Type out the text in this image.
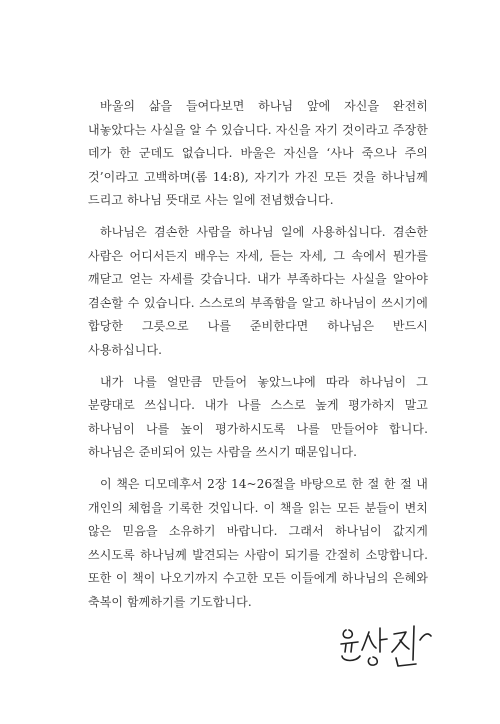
바울의 삶을 들여다보면 하나님 앞에 자신을 완전히 내놓았다는 사실을 알 수 있습니다. 자신을 자기 것이라고 주장한 데가 한 군데도 없습니다. 바울은 자신을 ‘사나 죽으나 주의 것’이라고 고백하며(롬 14:8), 자기가 가진 모든 것을 하나님께 드리고 하나님 뜻대로 사는 일에 전념했습니다.

하나님은 겸손한 사람을 하나님 일에 사용하십니다. 겸손한 사람은 어디서든지 배우는 자세, 듣는 자세, 그 속에서 뭔가를 깨닫고 얻는 자세를 갖습니다. 내가 부족하다는 사실을 알아야 겸손할 수 있습니다. 스스로의 부족함을 알고 하나님이 쓰시기에 합당한 그릇으로 나를 준비한다면 하나님은 반드시 사용하십니다.

내가 나를 얼만큼 만들어 놓았느냐에 따라 하나님이 그 분량대로 쓰십니다. 내가 나를 스스로 높게 평가하지 말고 하나님이 나를 높이 평가하시도록 나를 만들어야 합니다. 하나님은 준비되어 있는 사람을 쓰시기 때문입니다.

이 책은 디모데후서 2장 14~26절을 바탕으로 한 절 한 절 내 개인의 체험을 기록한 것입니다. 이 책을 읽는 모든 분들이 변치 않은 믿음을 소유하기 바랍니다. 그래서 하나님이 값지게 쓰시도록 하나님께 발견되는 사람이 되기를 간절히 소망합니다. 또한 이 책이 나오기까지 수고한 모든 이들에게 하나님의 은혜와 축복이 함께하기를 기도합니다.
